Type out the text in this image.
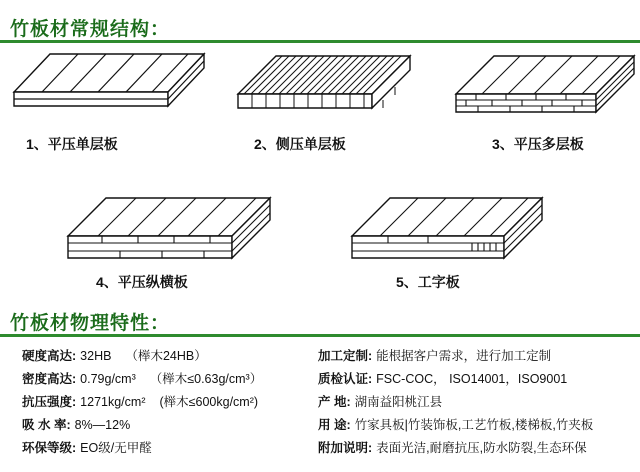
竹板材常规结构：
1、平压单层板	2、侧压单层板	3、平压多层板
4、平压纵横板	5、工字板
竹板材物理特性：
硬度高达: 32HB	（榉木24HB）
密度高达: 0.79g/cm³	（榉木≤0.63g/cm³）
抗压强度: 1271kg/cm²	(榉木≤600kg/cm²)
吸 水 率: 8%—12%
环保等级: EO级/无甲醛
加工定制: 能根据客户需求，进行加工定制
质检认证: FSC-COC， ISO14001，ISO9001
产 地: 湖南益阳桃江县
用 途: 竹家具板|竹装饰板,工艺竹板,楼梯板,竹夹板
附加说明: 表面光洁,耐磨抗压,防水防裂,生态环保
